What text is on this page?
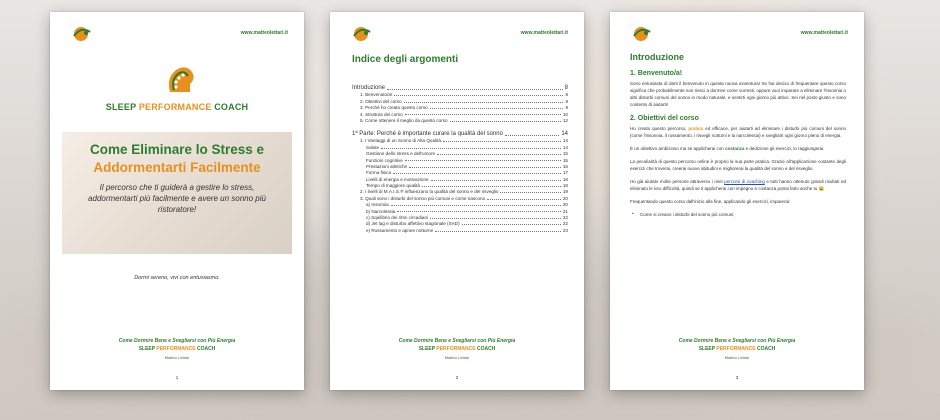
www.matteolettari.it
SLEEP PERFORMANCE COACH
Come Eliminare lo Stress e
Addormentarti Facilmente
Il percorso che ti guiderà a gestire lo stress, addormentarti più facilmente e avere un sonno più ristoratore!
Dormi sereno, vivi con entusiasmo.
Come Dormire Bene e Svegliarsi con Più Energia
SLEEP PERFORMANCE COACH
Matteo Lettari
1
www.matteolettari.it
Indice degli argomenti
Introduzione	8
1. Benvenuto/a!	8
2. Obiettivi del corso	8
3. Perché ho creato questo corso	9
4. Struttura del corso	10
5. Come ottenere il meglio da questo corso	12
1ª Parte: Perché è importante curare la qualità del sonno	14
1. I Vantaggi di un Sonno di Alta Qualità	14
Salute	14
Gestione dello stress e dell'umore	15
Funzioni cognitive	15
Prestazioni atletiche	16
Forma fisica	17
Livelli di energia e motivazione	18
Tempo di maggiore qualità	18
2. I livelli di M.A.I.S.® influenzano la qualità del sonno e del risveglio	19
3. Quali sono i disturbi del sonno più comuni e come nascono	20
a) Insonnia	20
b) Narcolessia	21
c) Squilibrio dei ritmi circadiani	22
d) Jet lag e disturbo affettivo stagionale (SAD)	22
e) Russamento e apnee notturne	23
Come Dormire Bene e Svegliarsi con Più Energia
SLEEP PERFORMANCE COACH
Matteo Lettari
2
www.matteolettari.it
Introduzione
1. Benvenuto/a!

Sono entusiasta di darti il benvenuto in questa nuova avventura! Se hai deciso di frequentare questo corso significa che probabilmente non riesci a dormire come vorresti, oppure vuoi imparare a eliminare l'insonnia o altri disturbi comuni del sonno in modo naturale, e sentirti ogni giorno più attivo. Sei nel posto giusto e sono contento di aiutarti!

2. Obiettivi del corso

Ho creato questo percorso, pratico ed efficace, per aiutarti ad eliminare i disturbi più comuni del sonno (come l'insonnia, il russamento, i risvegli notturni e la narcolessia) e svegliarti ogni giorno pieno di energia.

È un obiettivo ambizioso ma se applicherai con costanza e dedizione gli esercizi, lo raggiungerai.

La peculiarità di questo percorso online è proprio la sua parte pratica. Grazie all'applicazione costante degli esercizi che troverai, creerai nuove abitudini e migliorerai la qualità del sonno e del risveglio.

Ho già aiutato molte persone attraverso i miei percorsi di coaching e tutti hanno ottenuto grandi risultati ed eliminato le loro difficoltà, quindi se ti applicherai con impegno e costanza potrai farlo anche tu 😀

Frequentando questo corso dall'inizio alla fine, applicando gli esercizi, imparerai:

• Come si creano i disturbi del sonno più comuni;
Come Dormire Bene e Svegliarsi con Più Energia
SLEEP PERFORMANCE COACH
Matteo Lettari
3
